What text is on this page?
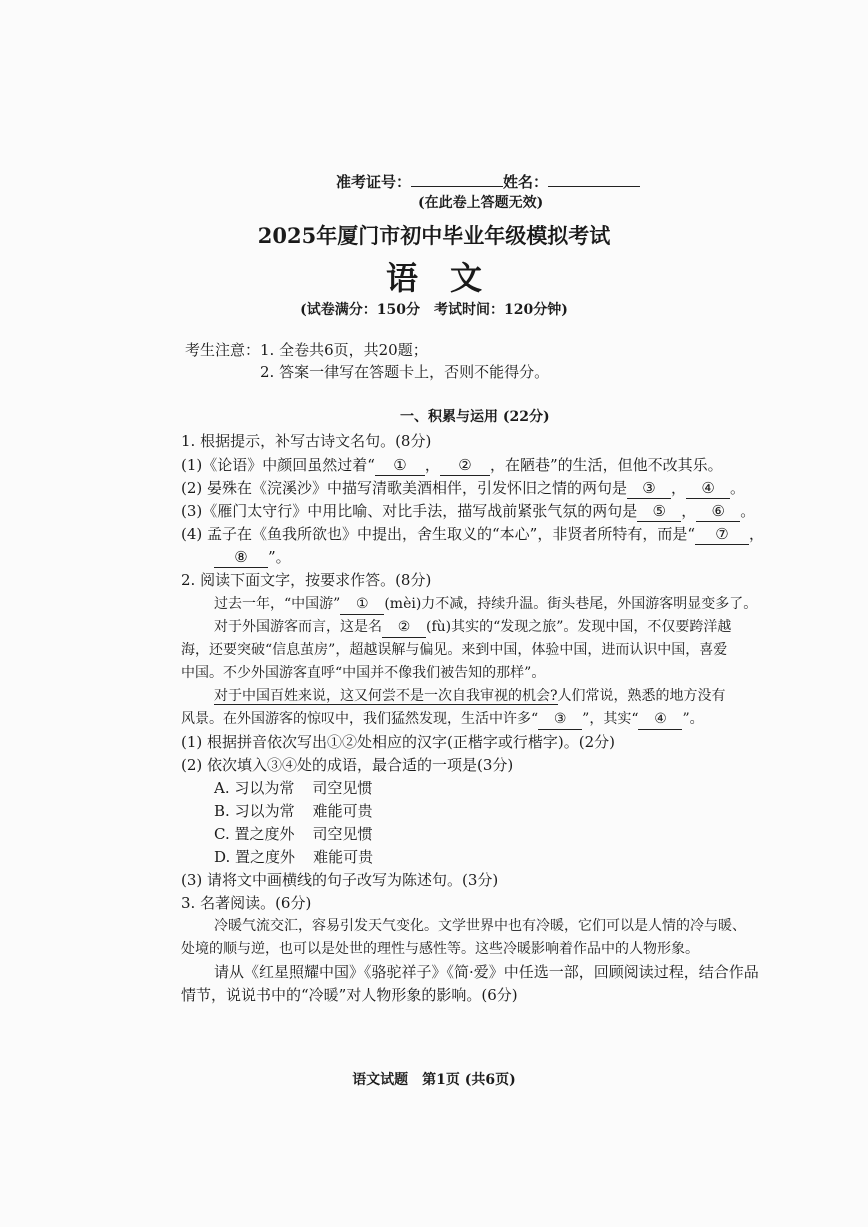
准考证号：	姓名：
(在此卷上答题无效)
2025年厦门市初中毕业年级模拟考试
语　文
(试卷满分：150分　考试时间：120分钟)
考生注意： 1. 全卷共6页，共20题；
2. 答案一律写在答题卡上，否则不能得分。
一、积累与运用 (22分)
1. 根据提示，补写古诗文名句。(8分)
(1)《论语》中颜回虽然过着“ ① ， ② ，在陋巷”的生活，但他不改其乐。
(2) 晏殊在《浣溪沙》中描写清歌美酒相伴，引发怀旧之情的两句是 ③ ， ④ 。
(3)《雁门太守行》中用比喻、对比手法，描写战前紧张气氛的两句是 ⑤ ， ⑥ 。
(4) 孟子在《鱼我所欲也》中提出，舍生取义的“本心”，非贤者所特有，而是“ ⑦ ，
⑧ ”。
2. 阅读下面文字，按要求作答。(8分)
过去一年，“中国游” ① (mèi)力不减，持续升温。街头巷尾，外国游客明显变多了。
对于外国游客而言，这是名 ② (fù)其实的“发现之旅”。发现中国，不仅要跨洋越
海，还要突破“信息茧房”，超越误解与偏见。来到中国，体验中国，进而认识中国，喜爱
中国。不少外国游客直呼“中国并不像我们被告知的那样”。
对于中国百姓来说，这又何尝不是一次自我审视的机会?人们常说，熟悉的地方没有
风景。在外国游客的惊叹中，我们猛然发现，生活中许多“ ③ ”，其实“ ④ ”。
(1) 根据拼音依次写出①②处相应的汉字(正楷字或行楷字)。(2分)
(2) 依次填入③④处的成语，最合适的一项是(3分)
A. 习以为常 司空见惯
B. 习以为常 难能可贵
C. 置之度外 司空见惯
D. 置之度外 难能可贵
(3) 请将文中画横线的句子改写为陈述句。(3分)
3. 名著阅读。(6分)
冷暖气流交汇，容易引发天气变化。文学世界中也有冷暖，它们可以是人情的冷与暖、
处境的顺与逆，也可以是处世的理性与感性等。这些冷暖影响着作品中的人物形象。
请从《红星照耀中国》《骆驼祥子》《简·爱》中任选一部，回顾阅读过程，结合作品
情节，说说书中的“冷暖”对人物形象的影响。(6分)
语文试题　第1页 (共6页)
